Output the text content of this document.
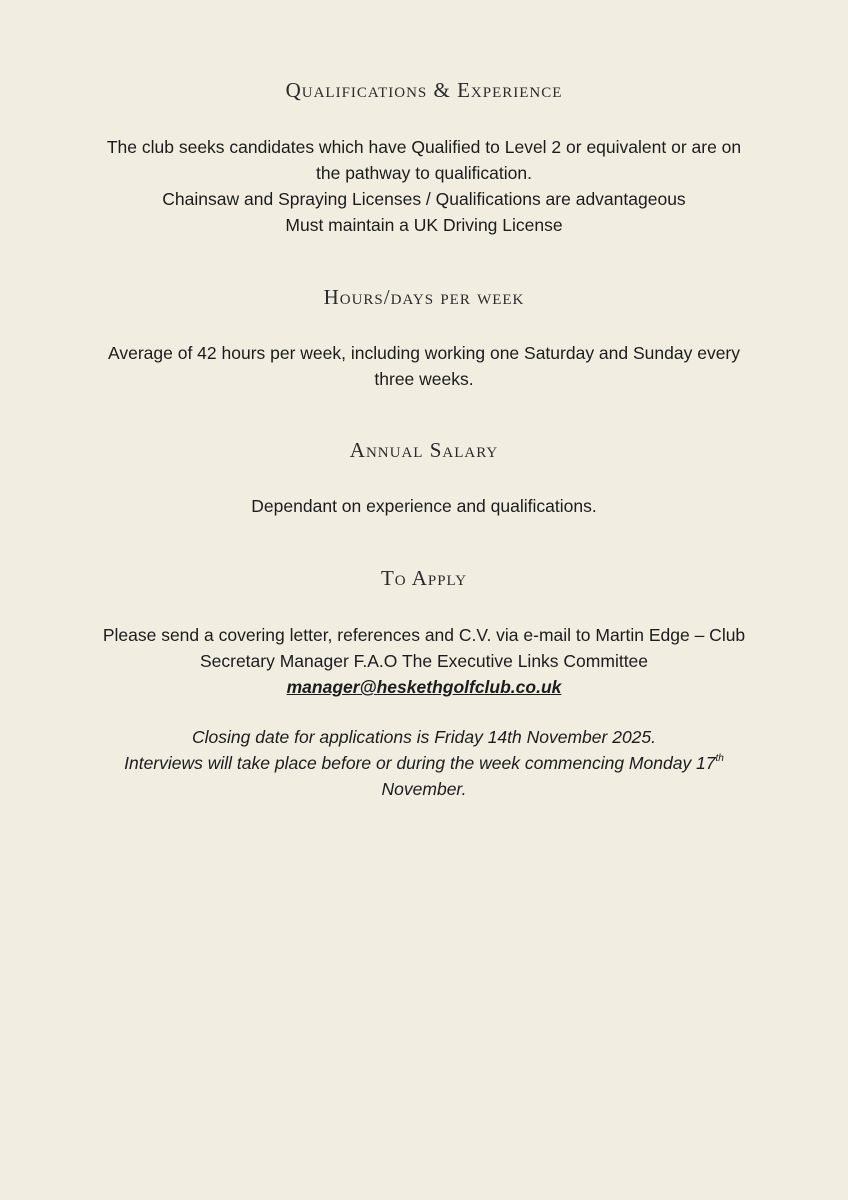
Qualifications & Experience
The club seeks candidates which have Qualified to Level 2 or equivalent or are on
the pathway to qualification.
Chainsaw and Spraying Licenses / Qualifications are advantageous
Must maintain a UK Driving License
Hours/days per week
Average of 42 hours per week, including working one Saturday and Sunday every
three weeks.
Annual Salary
Dependant on experience and qualifications.
To Apply
Please send a covering letter, references and C.V. via e-mail to Martin Edge – Club
Secretary Manager F.A.O The Executive Links Committee
manager@heskethgolfclub.co.uk
Closing date for applications is Friday 14th November 2025.
Interviews will take place before or during the week commencing Monday 17th
November.
